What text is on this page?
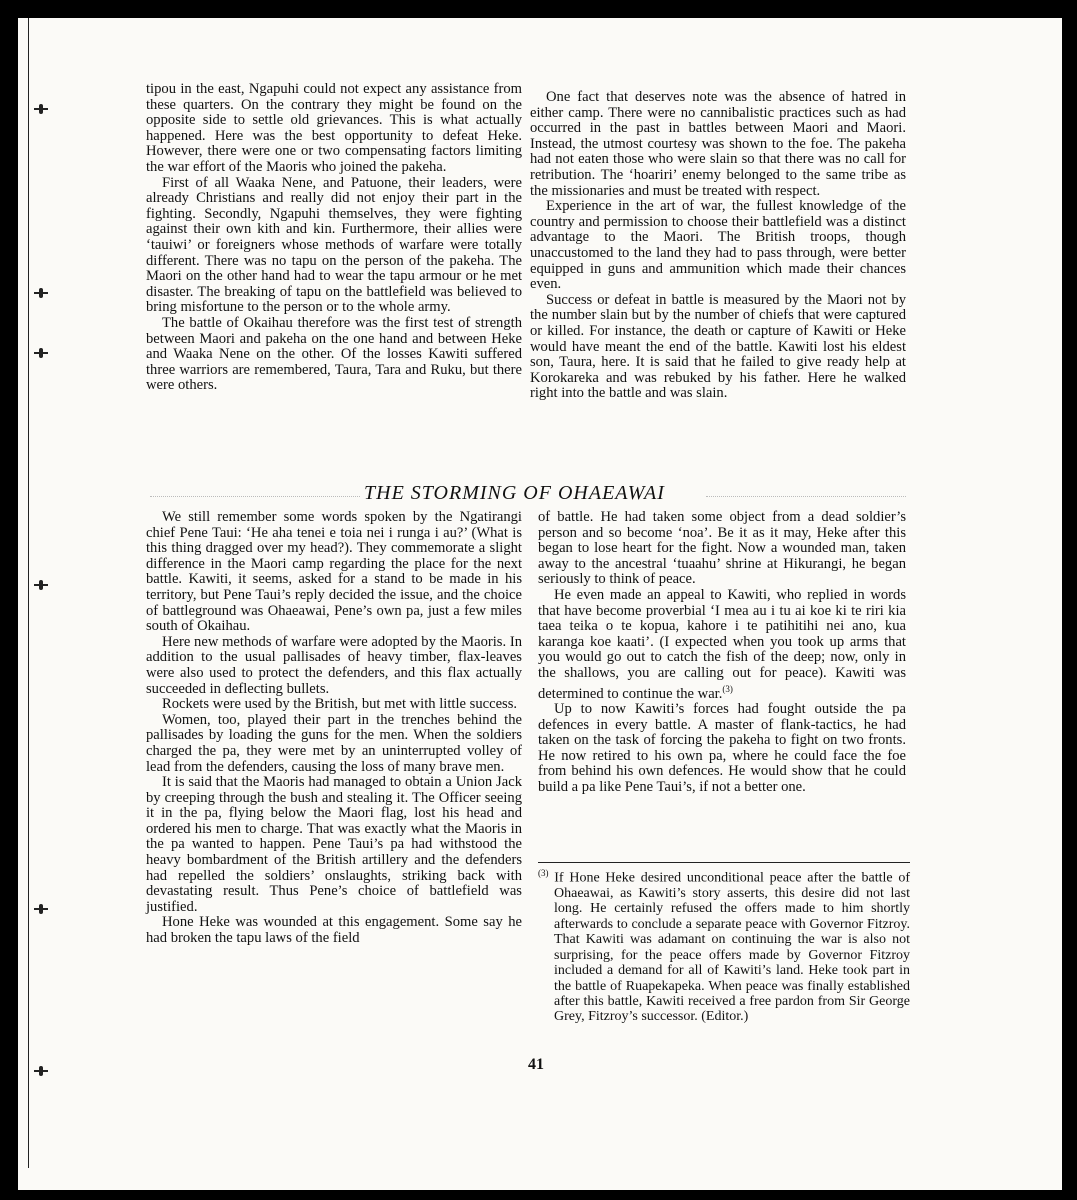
tipou in the east, Ngapuhi could not expect any assistance from these quarters. On the contrary they might be found on the opposite side to settle old grievances. This is what actually happened. Here was the best opportunity to defeat Heke. However, there were one or two compensating factors limiting the war effort of the Maoris who joined the pakeha.

First of all Waaka Nene, and Patuone, their leaders, were already Christians and really did not enjoy their part in the fighting. Secondly, Ngapuhi themselves, they were fighting against their own kith and kin. Furthermore, their allies were ‘tauiwi’ or foreigners whose methods of warfare were totally different. There was no tapu on the person of the pakeha. The Maori on the other hand had to wear the tapu armour or he met disaster. The breaking of tapu on the battlefield was believed to bring misfortune to the person or to the whole army.

The battle of Okaihau therefore was the first test of strength between Maori and pakeha on the one hand and between Heke and Waaka Nene on the other. Of the losses Kawiti suffered three warriors are remembered, Taura, Tara and Ruku, but there were others.

One fact that deserves note was the absence of hatred in either camp. There were no cannibalistic practices such as had occurred in the past in battles between Maori and Maori. Instead, the utmost courtesy was shown to the foe. The pakeha had not eaten those who were slain so that there was no call for retribution. The ‘hoariri’ enemy belonged to the same tribe as the missionaries and must be treated with respect.

Experience in the art of war, the fullest knowledge of the country and permission to choose their battlefield was a distinct advantage to the Maori. The British troops, though unaccustomed to the land they had to pass through, were better equipped in guns and ammunition which made their chances even.

Success or defeat in battle is measured by the Maori not by the number slain but by the number of chiefs that were captured or killed. For instance, the death or capture of Kawiti or Heke would have meant the end of the battle. Kawiti lost his eldest son, Taura, here. It is said that he failed to give ready help at Korokareka and was rebuked by his father. Here he walked right into the battle and was slain.

THE STORMING OF OHAEAWAI

We still remember some words spoken by the Ngatirangi chief Pene Taui: ‘He aha tenei e toia nei i runga i au?’ (What is this thing dragged over my head?). They commemorate a slight difference in the Maori camp regarding the place for the next battle. Kawiti, it seems, asked for a stand to be made in his territory, but Pene Taui’s reply decided the issue, and the choice of battleground was Ohaeawai, Pene’s own pa, just a few miles south of Okaihau.

Here new methods of warfare were adopted by the Maoris. In addition to the usual pallisades of heavy timber, flax-leaves were also used to protect the defenders, and this flax actually succeeded in deflecting bullets.

Rockets were used by the British, but met with little success.

Women, too, played their part in the trenches behind the pallisades by loading the guns for the men. When the soldiers charged the pa, they were met by an uninterrupted volley of lead from the defenders, causing the loss of many brave men.

It is said that the Maoris had managed to obtain a Union Jack by creeping through the bush and stealing it. The Officer seeing it in the pa, flying below the Maori flag, lost his head and ordered his men to charge. That was exactly what the Maoris in the pa wanted to happen. Pene Taui’s pa had withstood the heavy bombardment of the British artillery and the defenders had repelled the soldiers’ onslaughts, striking back with devastating result. Thus Pene’s choice of battlefield was justified.

Hone Heke was wounded at this engagement. Some say he had broken the tapu laws of the field

of battle. He had taken some object from a dead soldier’s person and so become ‘noa’. Be it as it may, Heke after this began to lose heart for the fight. Now a wounded man, taken away to the ancestral ‘tuaahu’ shrine at Hikurangi, he began seriously to think of peace.

He even made an appeal to Kawiti, who replied in words that have become proverbial ‘I mea au i tu ai koe ki te riri kia taea teika o te kopua, kahore i te patihitihi nei ano, kua karanga koe kaati’. (I expected when you took up arms that you would go out to catch the fish of the deep; now, only in the shallows, you are calling out for peace). Kawiti was determined to continue the war.$^{(3)}$

Up to now Kawiti’s forces had fought outside the pa defences in every battle. A master of flank-tactics, he had taken on the task of forcing the pakeha to fight on two fronts. He now retired to his own pa, where he could face the foe from behind his own defences. He would show that he could build a pa like Pene Taui’s, if not a better one.

$^{(3)}$ If Hone Heke desired unconditional peace after the battle of Ohaeawai, as Kawiti’s story asserts, this desire did not last long. He certainly refused the offers made to him shortly afterwards to conclude a separate peace with Governor Fitzroy. That Kawiti was adamant on continuing the war is also not surprising, for the peace offers made by Governor Fitzroy included a demand for all of Kawiti’s land. Heke took part in the battle of Ruapekapeka. When peace was finally established after this battle, Kawiti received a free pardon from Sir George Grey, Fitzroy’s successor. (Editor.)

41
